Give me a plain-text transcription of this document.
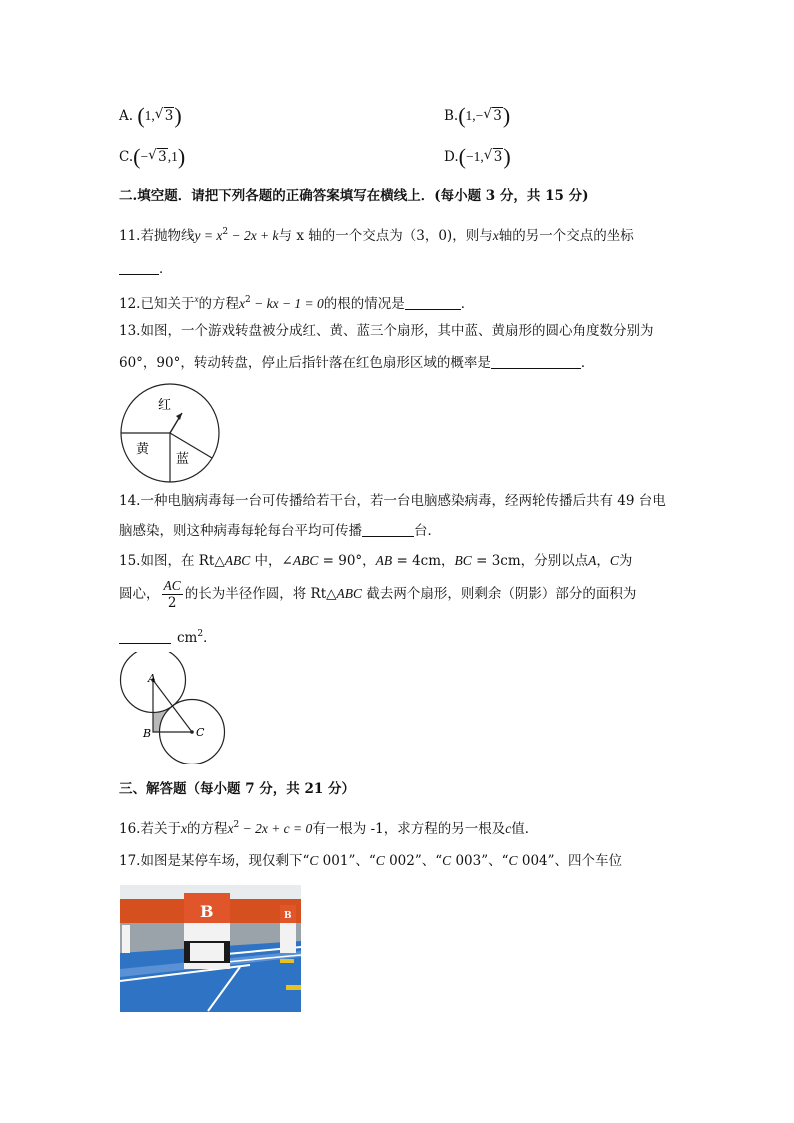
A. (1, √ 3)	B.(1,− √ 3)
C.(− √ 3,1)	D.(−1, √ 3)
二.填空题．请把下列各题的正确答案填写在横线上．(每小题 3 分，共 15 分)
11.若抛物线$y = x^2 - 2x + k$与 x 轴的一个交点为（3，0)，则与x轴的另一个交点的坐标
．
12.已知关于$^x$的方程$x^2$ − kx − 1 = 0的根的情况是	．
13.如图，一个游戏转盘被分成红、黄、蓝三个扇形，其中蓝、黄扇形的圆心角度数分别为
60°，90°，转动转盘，停止后指针落在红色扇形区域的概率是	．
红
黄
蓝
14.一种电脑病毒每一台可传播给若干台，若一台电脑感染病毒，经两轮传播后共有 49 台电
脑感染，则这种病毒每轮每台平均可传播	台．
15.如图，在 Rt△ABC 中，∠ABC = 90°，AB = 4cm，BC = 3cm，分别以点A，C为
圆心， $\frac{AC}{2}$ 的长为半径作圆，将 Rt△ABC 截去两个扇形，则剩余（阴影）部分的面积为
$cm^2$．
A
B	C
三、解答题（每小题 7 分，共 21 分）
16.若关于x的方程$x^2 - 2x + c = 0$有一根为 -1，求方程的另一根及c值．
17.如图是某停车场，现仅剩下“C 001”、“C 002”、“C 003”、“C 004”、四个车位
B	B
